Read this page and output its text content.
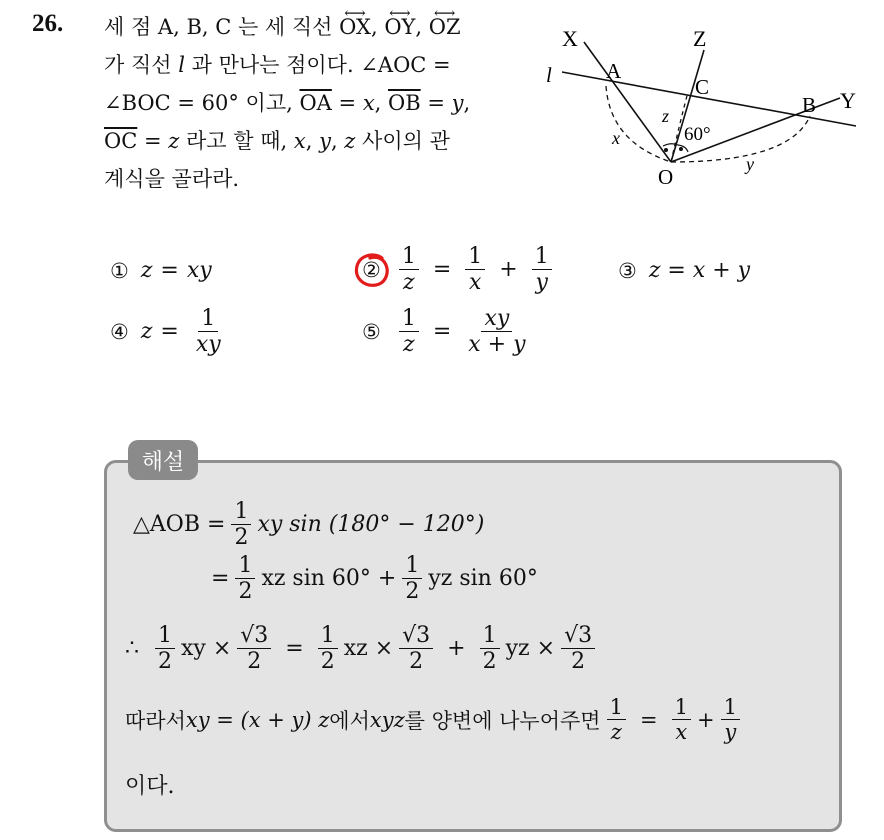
26. 세 점 A, B, C 는 세 직선 ⟷ OX, ⟷ OY, ⟷ OZ
가 직선 l 과 만나는 점이다. ∠AOC =
∠BOC = 60° 이고, $\overline{OA} = x$, $\overline{OB} = y$,
$\overline{OC} = z$ 라고 할 때, x, y, z 사이의 관
계식을 골라라.
X	Z
l	A
C
B Y
O
x
y
z
60°
① z = xy	② $\frac{1}{z} = \frac{1}{x} + \frac{1}{y}$	③ z = x + y
④ $z = \frac{1}{xy}$	⑤ $\frac{1}{z} = \frac{xy}{x + y}$
해설
△AOB = $\frac{1}{2}$ xy sin (180° − 120°)
= $\frac{1}{2}$ xz $\sin 60^\circ + \frac{1}{2}$ yz sin 60°
∴ $\frac{1}{2}$ xy × $\frac{√3}{2} = \frac{1}{2}$ xz × $\frac{√3}{2} + \frac{1}{2}$ yz × $\frac{√3}{2}$
따라서 xy = (x + y) z 에서 xyz 를 양변에 나누어주면 $\frac{1}{z} = \frac{1}{x} + \frac{1}{y}$
이다.
